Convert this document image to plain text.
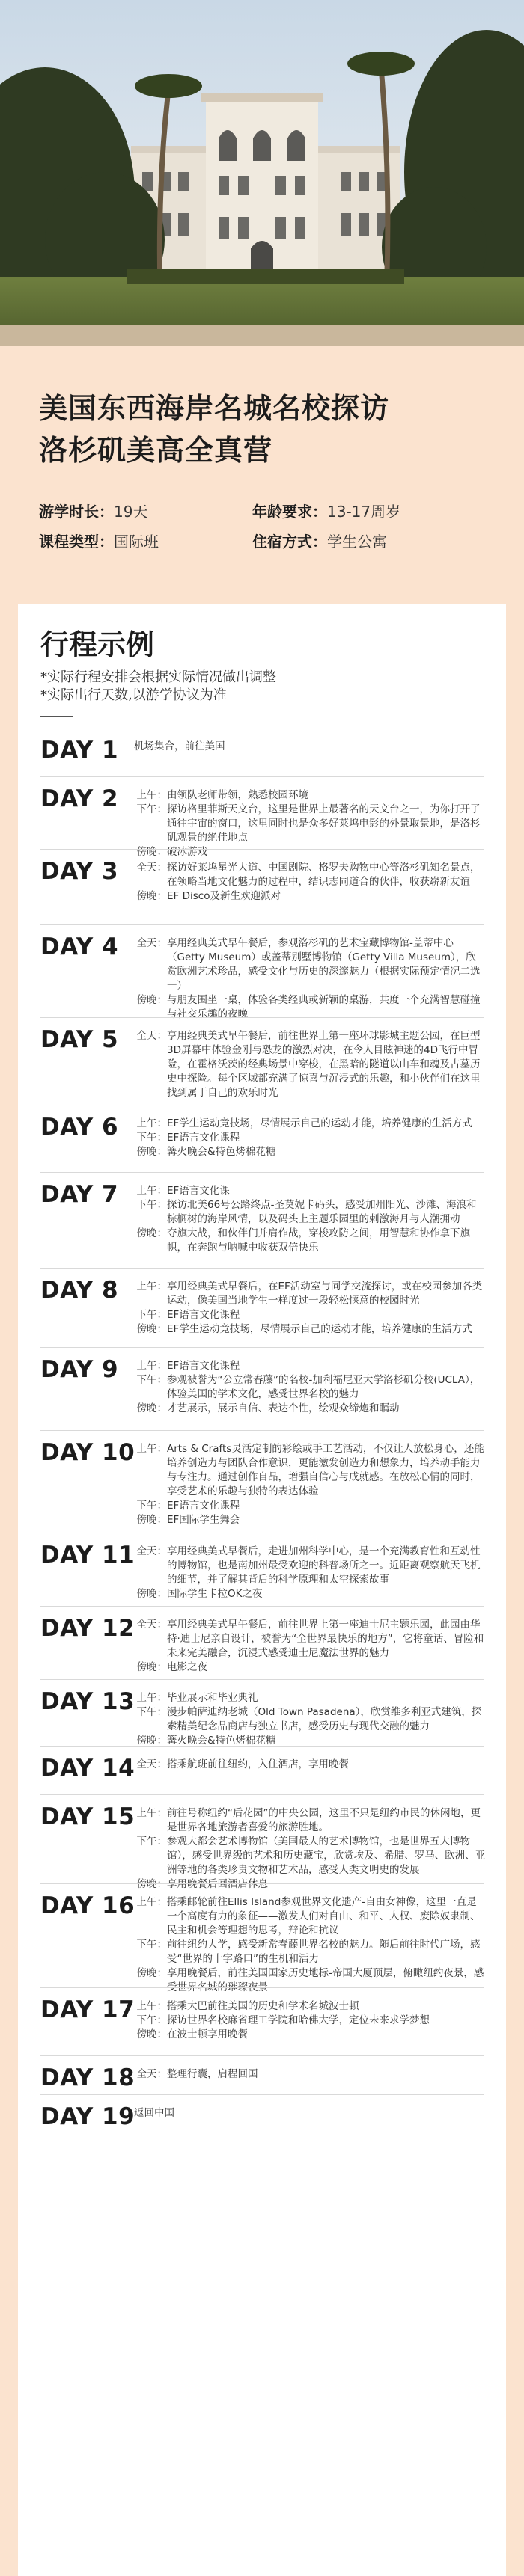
美国东西海岸名城名校探访
洛杉矶美高全真营
游学时长： 19天	年龄要求： 13-17周岁
课程类型： 国际班	住宿方式： 学生公寓
行程示例
*实际行程安排会根据实际情况做出调整
*实际出行天数,以游学协议为准
DAY 1 机场集合，前往美国
DAY 2 上午： 由领队老师带领，熟悉校园环境
下午： 探访格里菲斯天文台，这里是世界上最著名的天文台之一，为你打开了通往宇宙的窗口，这里同时也是众多好莱坞电影的外景取景地，是洛杉矶观景的绝佳地点
傍晚： 破冰游戏
DAY 3 全天： 探访好莱坞星光大道、中国剧院、格罗夫购物中心等洛杉矶知名景点，在领略当地文化魅力的过程中，结识志同道合的伙伴，收获崭新友谊
傍晚： EF Disco及新生欢迎派对
DAY 4 全天： 享用经典美式早午餐后，参观洛杉矶的艺术宝藏博物馆-盖蒂中心（Getty Museum）或盖蒂别墅博物馆（Getty Villa Museum），欣赏欧洲艺术珍品，感受文化与历史的深邃魅力（根据实际预定情况二选一）
傍晚： 与朋友围坐一桌，体验各类经典或新颖的桌游，共度一个充满智慧碰撞与社交乐趣的夜晚
DAY 5 全天： 享用经典美式早午餐后，前往世界上第一座环球影城主题公园，在巨型3D屏幕中体验金刚与恐龙的激烈对决，在令人目眩神迷的4D飞行中冒险，在霍格沃茨的经典场景中穿梭，在黑暗的隧道以山车和魂及古墓历史中探险。每个区域都充满了惊喜与沉浸式的乐趣，和小伙伴们在这里找到属于自己的欢乐时光
DAY 6 上午： EF学生运动竞技场，尽情展示自己的运动才能，培养健康的生活方式
下午： EF语言文化课程
傍晚： 篝火晚会&特色烤棉花糖
DAY 7 上午： EF语言文化课
下午： 探访北美66号公路终点-圣莫妮卡码头，感受加州阳光、沙滩、海浪和棕榈树的海岸风情，以及码头上主题乐园里的刺激海月与人潮拥动
傍晚： 夺旗大战，和伙伴们并肩作战，穿梭攻防之间，用智慧和协作拿下旗帜，在奔跑与呐喊中收获双倍快乐
DAY 8 上午： 享用经典美式早餐后，在EF活动室与同学交流探讨，或在校园参加各类运动，像美国当地学生一样度过一段轻松惬意的校园时光
下午： EF语言文化课程
傍晚： EF学生运动竞技场，尽情展示自己的运动才能，培养健康的生活方式
DAY 9 上午： EF语言文化课程
下午： 参观被誉为“公立常春藤”的名校-加利福尼亚大学洛杉矶分校(UCLA），体验美国的学术文化，感受世界名校的魅力
傍晚： 才艺展示，展示自信、表达个性，绘观众缔炮和瞩动
DAY 10 上午： Arts & Crafts灵活定制的彩绘或手工艺活动，不仅让人放松身心，还能培养创造力与团队合作意识，更能激发创造力和想象力，培养动手能力与专注力。通过创作自品，增强自信心与成就感。在放松心情的同时，享受艺术的乐趣与独特的表达体验
下午： EF语言文化课程
傍晚： EF国际学生舞会
DAY 11 全天： 享用经典美式早餐后，走进加州科学中心，是一个充满教育性和互动性的博物馆，也是南加州最受欢迎的科普场所之一。近距离观察航天飞机的细节，并了解其背后的科学原理和太空探索故事
傍晚： 国际学生卡拉OK之夜
DAY 12 全天： 享用经典美式早午餐后，前往世界上第一座迪士尼主题乐园，此园由华特·迪士尼亲自设计，被誉为“全世界最快乐的地方”，它将童话、冒险和未来完美融合，沉浸式感受迪士尼魔法世界的魅力
傍晚： 电影之夜
DAY 13 上午： 毕业展示和毕业典礼
下午： 漫步帕萨迪纳老城（Old Town Pasadena），欣赏维多利亚式建筑，探索精美纪念品商店与独立书店，感受历史与现代交融的魅力
傍晚： 篝火晚会&特色烤棉花糖
DAY 14 全天： 搭乘航班前往纽约，入住酒店，享用晚餐
DAY 15 上午： 前往号称纽约“后花园”的中央公园，这里不只是纽约市民的休闲地，更是世界各地旅游者喜爱的旅游胜地。
下午： 参观大都会艺术博物馆（美国最大的艺术博物馆，也是世界五大博物馆），感受世界级的艺术和历史藏宝，欣赏埃及、希腊、罗马、欧洲、亚洲等地的各类珍贵文物和艺术品，感受人类文明史的发展
傍晚： 享用晚餐后回酒店休息
DAY 16 上午： 搭乘邮轮前往Ellis Island参观世界文化遗产-自由女神像，这里一直是一个高度有力的象征——激发人们对自由、和平、人权、废除奴隶制、民主和机会等理想的思考，辩论和抗议
下午： 前往纽约大学，感受新常春藤世界名校的魅力。随后前往时代广场，感受“世界的十字路口”的生机和活力
傍晚： 享用晚餐后，前往美国国家历史地标-帝国大厦顶层，俯瞰纽约夜景，感受世界名城的璀璨夜景
DAY 17 上午： 搭乘大巴前往美国的历史和学术名城波士顿
下午： 探访世界名校麻省理工学院和哈佛大学，定位未来求学梦想
傍晚： 在波士顿享用晚餐
DAY 18 全天： 整理行囊，启程回国
DAY 19
返回中国
